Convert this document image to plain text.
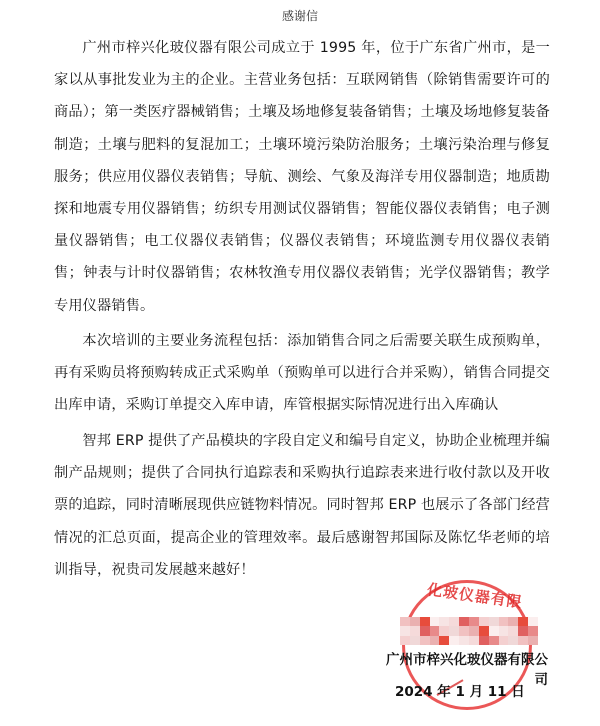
感谢信
广州市梓兴化玻仪器有限公司成立于 1995 年，位于广东省广州市，是一家以从事批发业为主的企业。主营业务包括：互联网销售（除销售需要许可的商品）；第一类医疗器械销售；土壤及场地修复装备销售；土壤及场地修复装备制造；土壤与肥料的复混加工；土壤环境污染防治服务；土壤污染治理与修复服务；供应用仪器仪表销售；导航、测绘、气象及海洋专用仪器制造；地质勘探和地震专用仪器销售；纺织专用测试仪器销售；智能仪器仪表销售；电子测量仪器销售；电工仪器仪表销售；仪器仪表销售；环境监测专用仪器仪表销售；钟表与计时仪器销售；农林牧渔专用仪器仪表销售；光学仪器销售；教学专用仪器销售。
本次培训的主要业务流程包括：添加销售合同之后需要关联生成预购单，再有采购员将预购转成正式采购单（预购单可以进行合并采购），销售合同提交出库申请，采购订单提交入库申请，库管根据实际情况进行出入库确认
智邦 ERP 提供了产品模块的字段自定义和编号自定义，协助企业梳理并编制产品规则；提供了合同执行追踪表和采购执行追踪表来进行收付款以及开收票的追踪，同时清晰展现供应链物料情况。同时智邦 ERP 也展示了各部门经营情况的汇总页面，提高企业的管理效率。最后感谢智邦国际及陈忆华老师的培训指导，祝贵司发展越来越好！
化玻仪器有限
广州市梓兴化玻仪器有限公司
2024 年 1 月 11 日
